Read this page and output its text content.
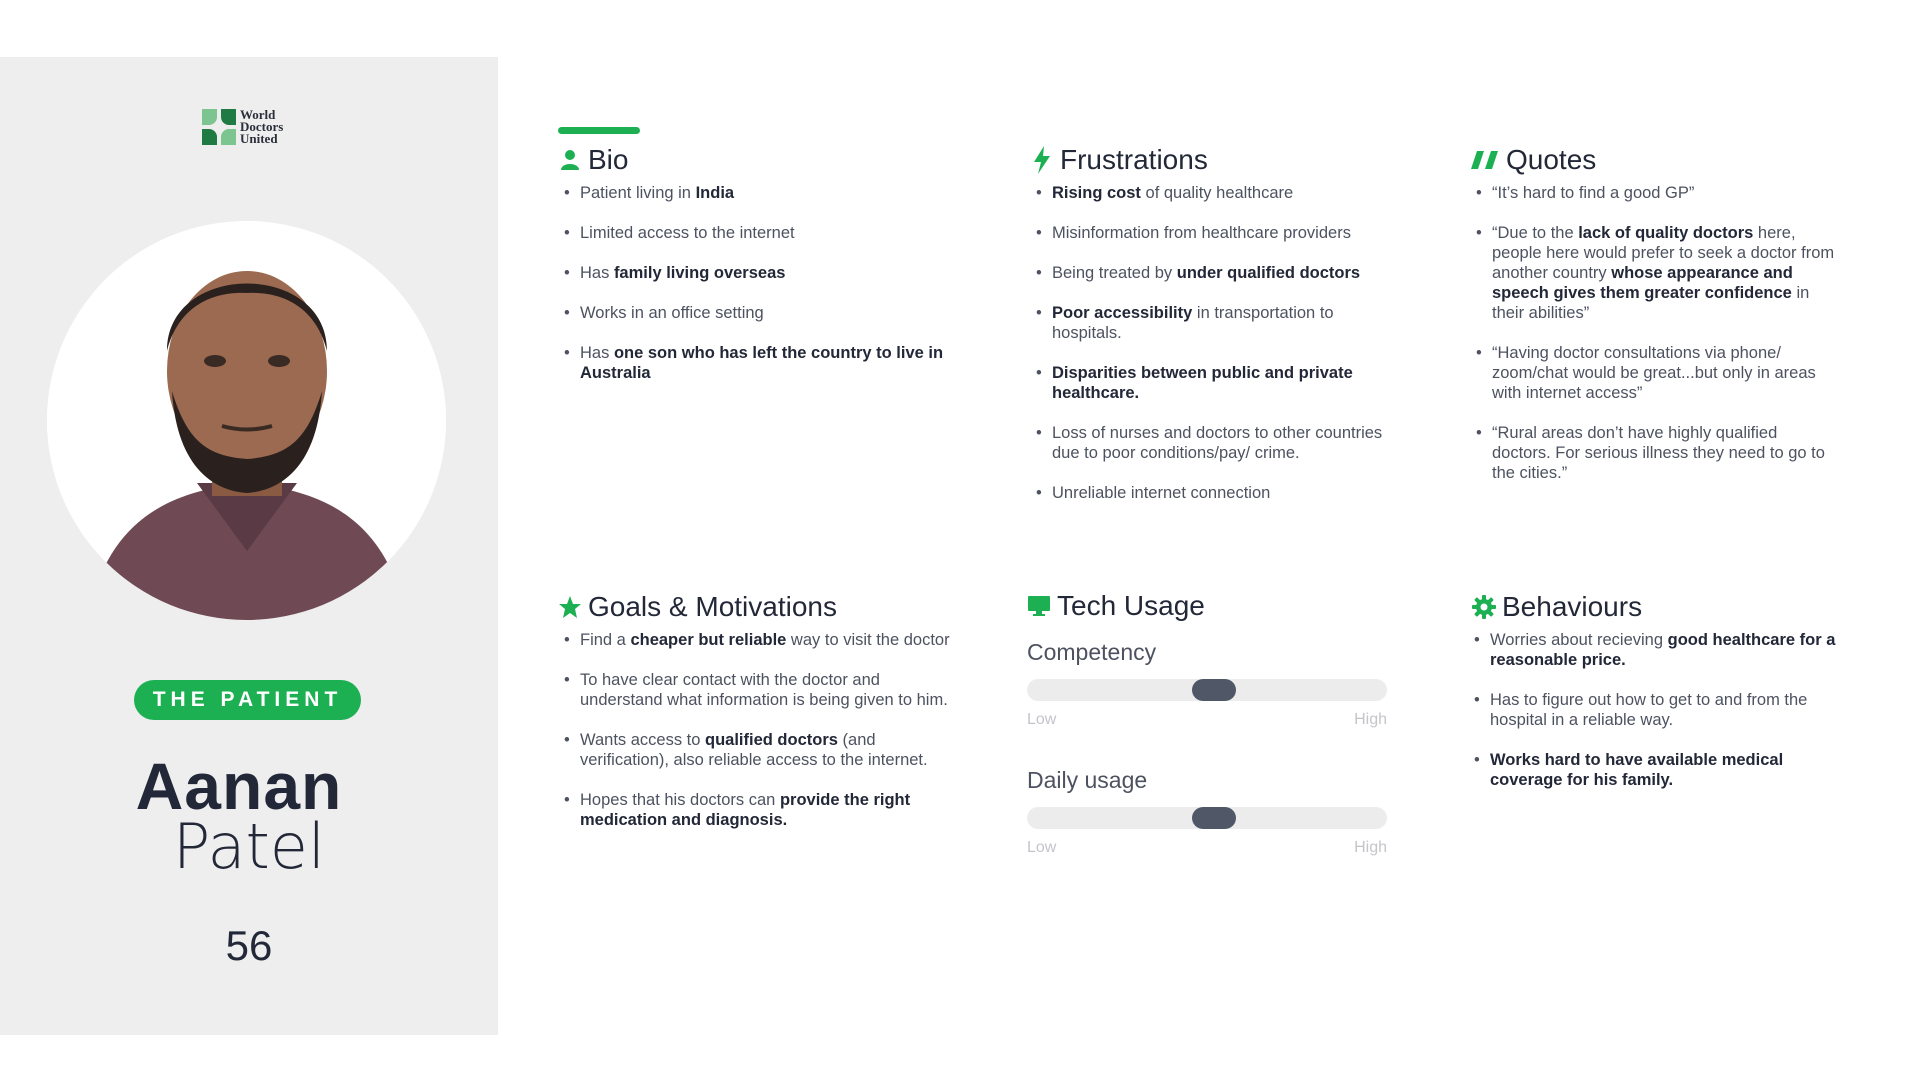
World
Doctors
United
THE PATIENT
Aanan
Patel
56
Bio
• Patient living in India
• Limited access to the internet
• Has family living overseas
• Works in an office setting
• Has one son who has left the country to live in Australia
Frustrations
• Rising cost of quality healthcare
• Misinformation from healthcare providers
• Being treated by under qualified doctors
• Poor accessibility in transportation to hospitals.
• Disparities between public and private healthcare.
• Loss of nurses and doctors to other countries due to poor conditions/pay/ crime.
• Unreliable internet connection
Quotes
• “It’s hard to find a good GP”
• “Due to the lack of quality doctors here, people here would prefer to seek a doctor from another country whose appearance and speech gives them greater confidence in their abilities”
• “Having doctor consultations via phone/ zoom/chat would be great...but only in areas with internet access”
• “Rural areas don’t have highly qualified doctors. For serious illness they need to go to the cities.”
Goals & Motivations
• Find a cheaper but reliable way to visit the doctor
• To have clear contact with the doctor and understand what information is being given to him.
• Wants access to qualified doctors (and verification), also reliable access to the internet.
• Hopes that his doctors can provide the right medication and diagnosis.
Tech Usage
Competency
Low	High
Daily usage
Low	High
Behaviours
• Worries about recieving good healthcare for a reasonable price.
• Has to figure out how to get to and from the hospital in a reliable way.
• Works hard to have available medical coverage for his family.
